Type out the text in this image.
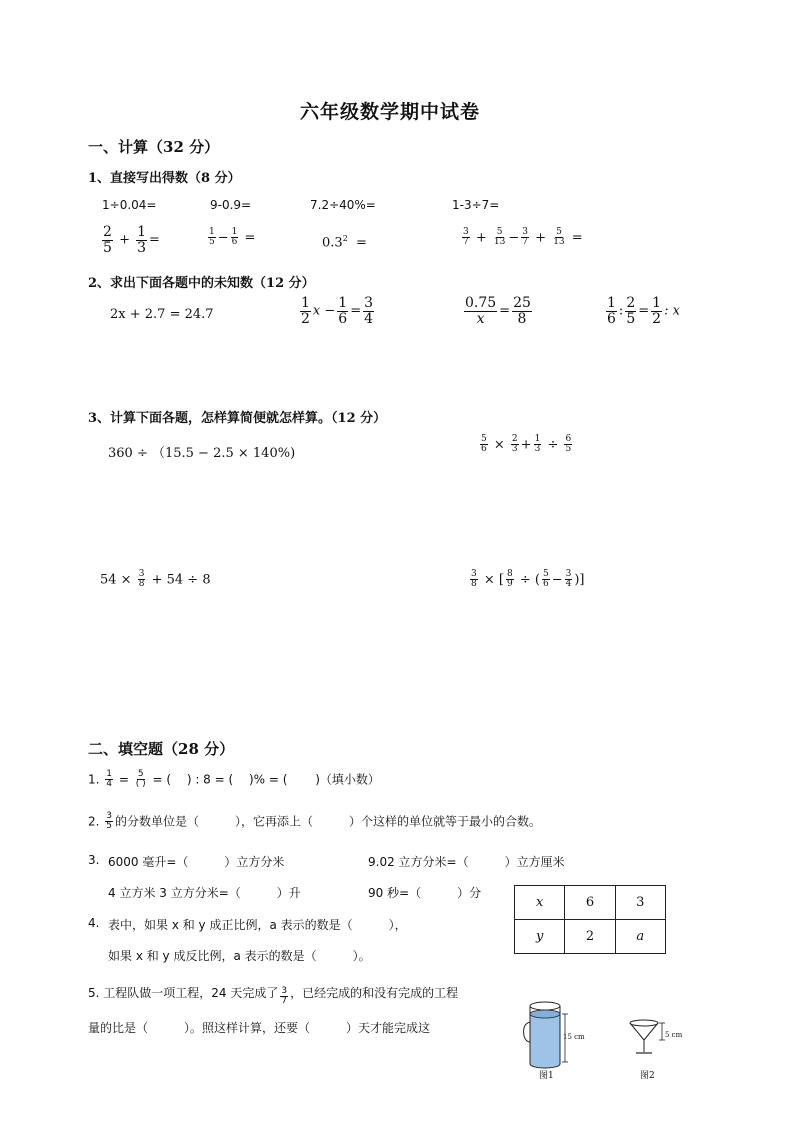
六年级数学期中试卷
一、计算（32 分）
1、直接写出得数（8 分）
1÷0.04=	9-0.9=	7.2÷40%=	1-3÷7=
$\frac{2}{5} + \frac{1}{3}$ =	$\frac{1}{5} - \frac{1}{6}$ =	$0.3^2$ =	$\frac{3}{7} + \frac{5}{13} - \frac{3}{7} + \frac{5}{13}$ =
2、求出下面各题中的未知数（12 分）
2x + 2.7 = 24.7	$\frac{1}{2}$ $x - \frac{1}{6} = \frac{3}{4}$	$\frac{0.75}{x} = \frac{25}{8}$	$\frac{1}{6}$ : $\frac{2}{5} = \frac{1}{2}$ : x
3、计算下面各题，怎样算简便就怎样算。（12 分）
360 ÷ （15.5 − 2.5 × 140%)	$\frac{5}{6} \times \frac{2}{3} + \frac{1}{3} \div \frac{6}{5}$
$54 \times \frac{3}{8} + 54 \div 8$	$\frac{3}{8}$ × [ $\frac{8}{9}$ ÷ ( $\frac{5}{6} - \frac{3}{4}$ )]
二、填空题（28 分）
1. $\frac{1}{4} = \frac{5}{( )}$ = (　 ) : 8 = (　 )% = (　　 )（填小数）
2. $\frac{3}{5}$ 的分数单位是（　　　），它再添上（　　　）个这样的单位就等于最小的合数。
3. 6000 毫升=（　　　）立方分米	9.02 立方分米=（　　　）立方厘米
4 立方米 3 立方分米=（　　　）升	90 秒=（　　　）分
4. 表中，如果 x 和 y 成正比例，a 表示的数是（　　　），
如果 x 和 y 成反比例，a 表示的数是（　　　）。
x	6	3
y	2	a
5. 工程队做一项工程，24 天完成了 $\frac{3}{7}$ ，已经完成的和没有完成的工程
量的比是（　　　）。照这样计算，还要（　　　）天才能完成这
15 cm
图1
5 cm
图2
